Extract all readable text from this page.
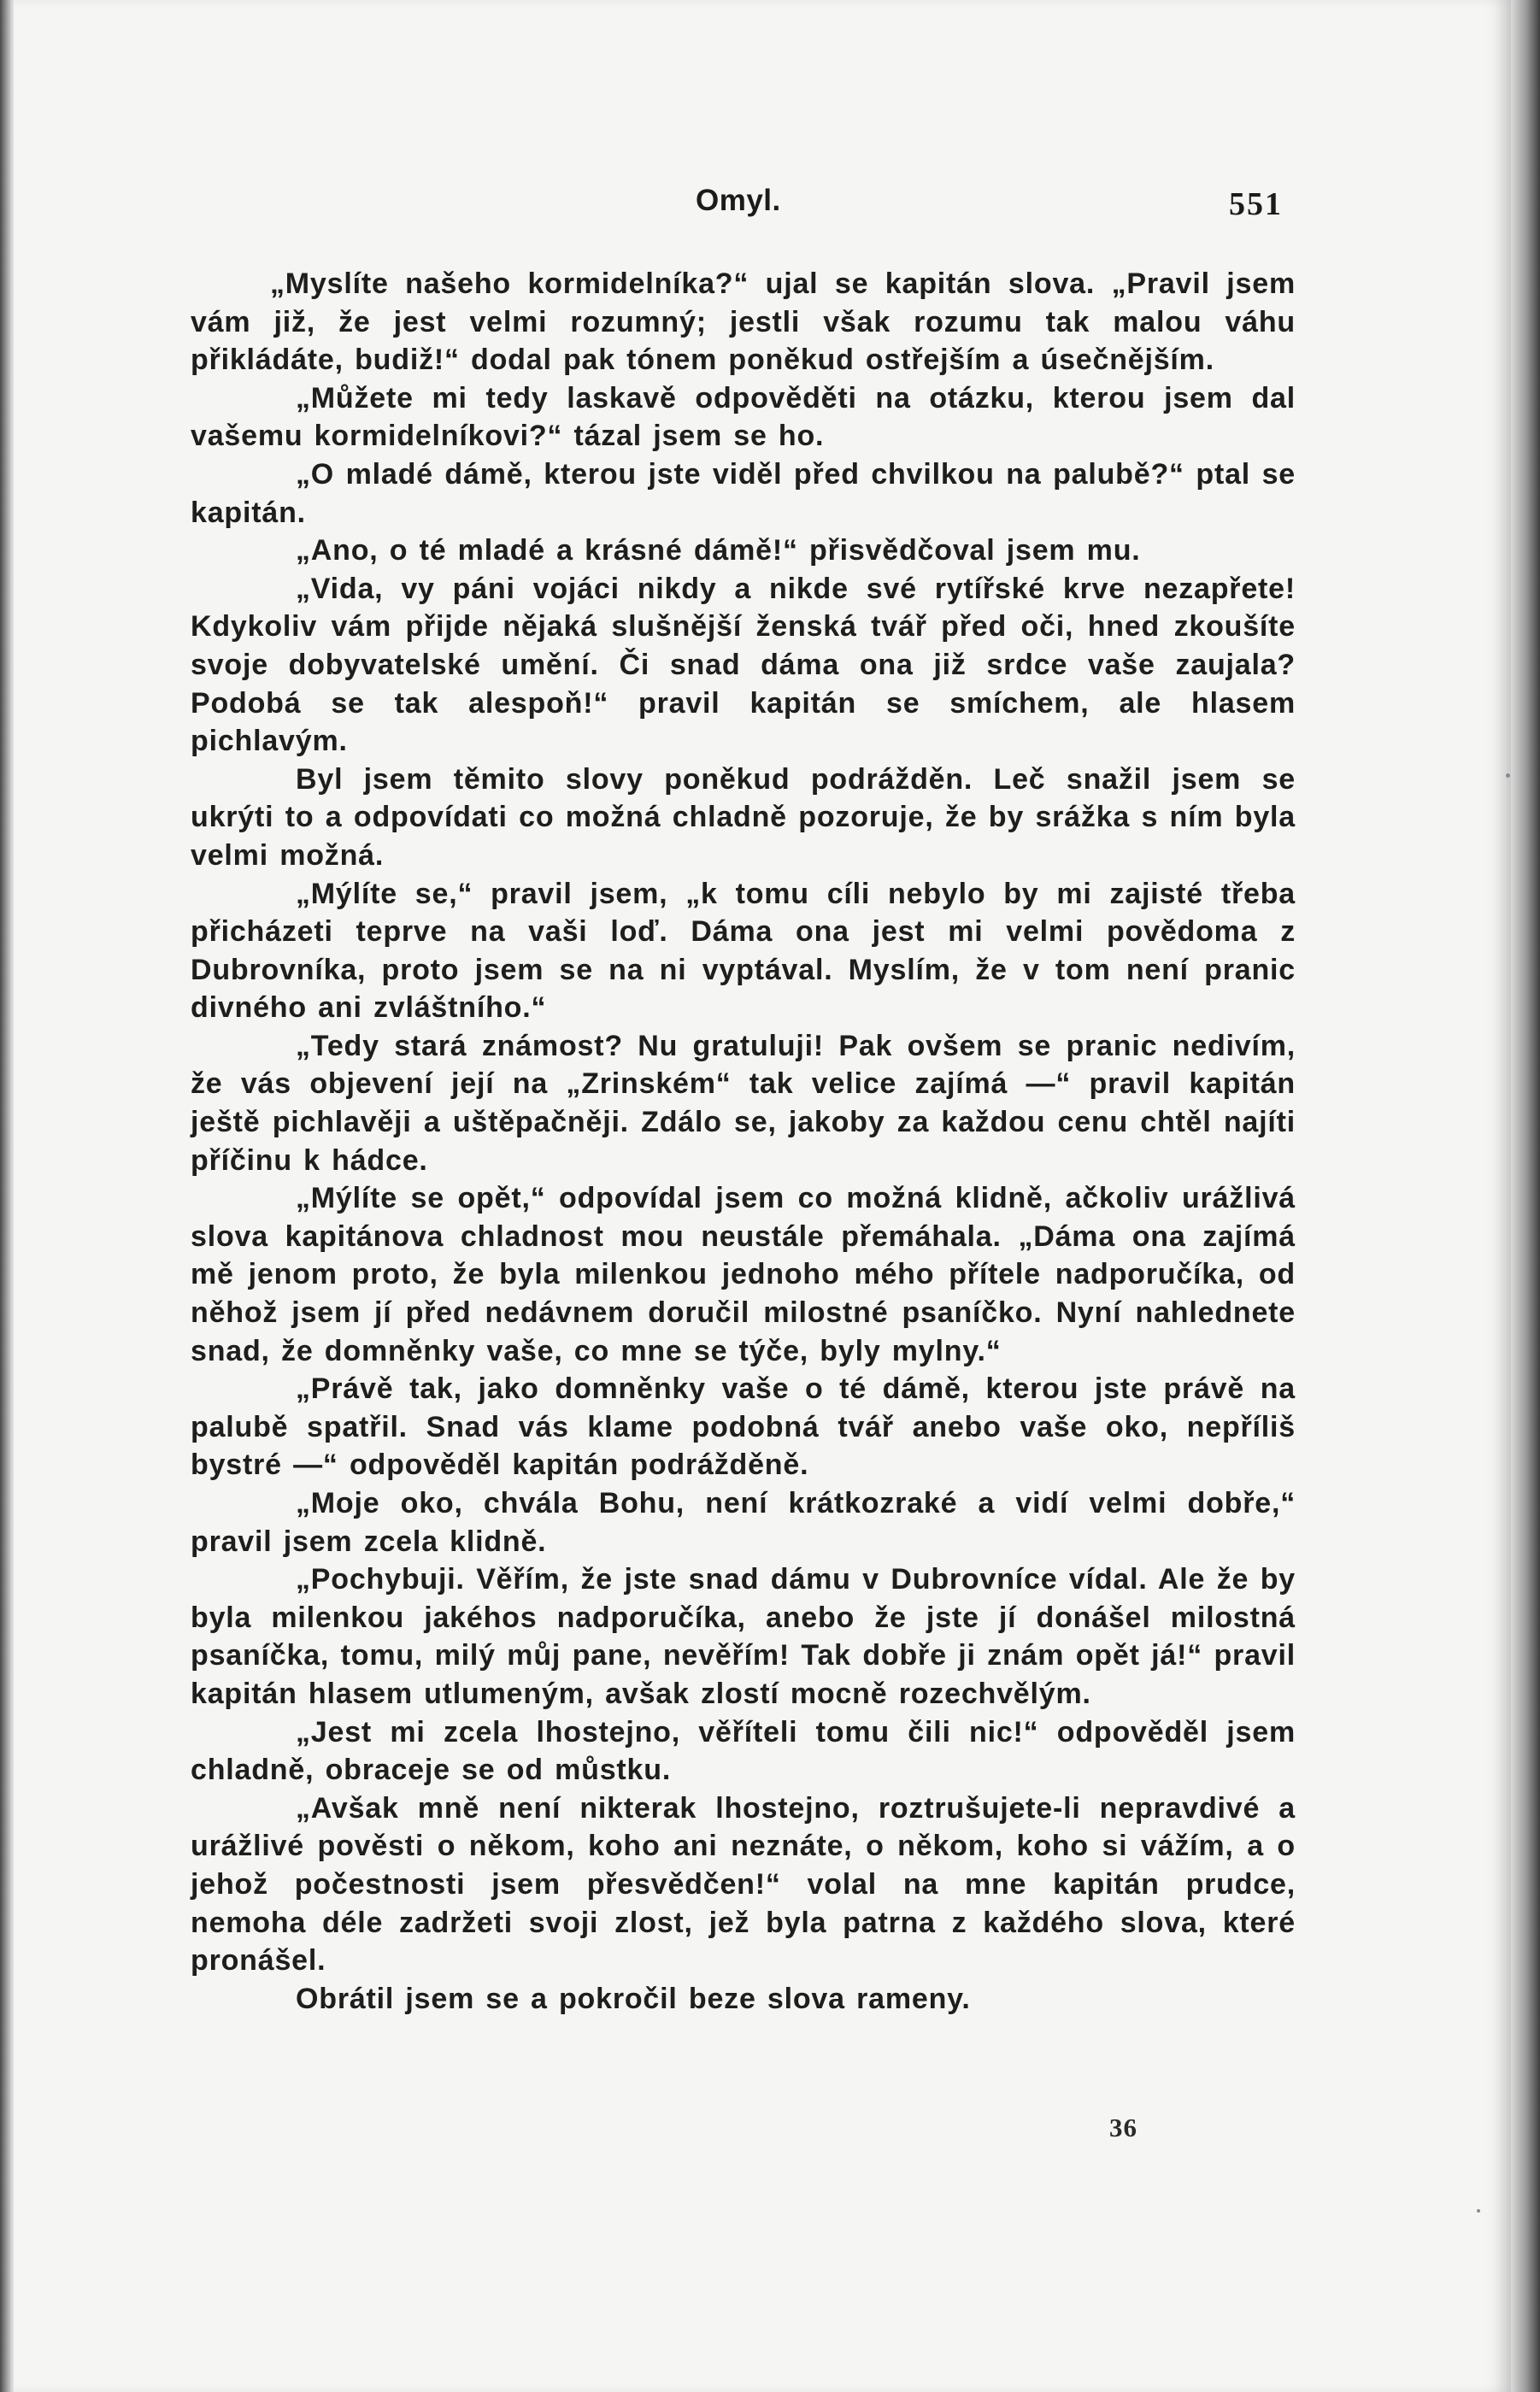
Omyl.	551

„Myslíte našeho kormidelníka?“ ujal se kapitán slova. „Pravil jsem vám již, že jest velmi rozumný; jestli však rozumu tak malou váhu přikládáte, budiž!“ dodal pak tónem poněkud ostřejším a úsečnějším.

„Můžete mi tedy laskavě odpověděti na otázku, kterou jsem dal vašemu kormidelníkovi?“ tázal jsem se ho.

„O mladé dámě, kterou jste viděl před chvilkou na palubě?“ ptal se kapitán.

„Ano, o té mladé a krásné dámě!“ přisvědčoval jsem mu.

„Vida, vy páni vojáci nikdy a nikde své rytířské krve nezapřete! Kdykoliv vám přijde nějaká slušnější ženská tvář před oči, hned zkoušíte svoje dobyvatelské umění. Či snad dáma ona již srdce vaše zaujala? Podobá se tak alespoň!“ pravil kapitán se smíchem, ale hlasem pichlavým.

Byl jsem těmito slovy poněkud podrážděn. Leč snažil jsem se ukrýti to a odpovídati co možná chladně pozoruje, že by srážka s ním byla velmi možná.

„Mýlíte se,“ pravil jsem, „k tomu cíli nebylo by mi zajisté třeba přicházeti teprve na vaši loď. Dáma ona jest mi velmi povědoma z Dubrovníka, proto jsem se na ni vyptával. Myslím, že v tom není pranic divného ani zvláštního.“

„Tedy stará známost? Nu gratuluji! Pak ovšem se pranic nedivím, že vás objevení její na „Zrinském“ tak velice zajímá —“ pravil kapitán ještě pichlavěji a uštěpačněji. Zdálo se, jakoby za každou cenu chtěl najíti příčinu k hádce.

„Mýlíte se opět,“ odpovídal jsem co možná klidně, ačkoliv urážlivá slova kapitánova chladnost mou neustále přemáhala. „Dáma ona zajímá mě jenom proto, že byla milenkou jednoho mého přítele nadporučíka, od něhož jsem jí před nedávnem doručil milostné psaníčko. Nyní nahlednete snad, že domněnky vaše, co mne se týče, byly mylny.“

„Právě tak, jako domněnky vaše o té dámě, kterou jste právě na palubě spatřil. Snad vás klame podobná tvář anebo vaše oko, nepříliš bystré —“ odpověděl kapitán podrážděně.

„Moje oko, chvála Bohu, není krátkozraké a vidí velmi dobře,“ pravil jsem zcela klidně.

„Pochybuji. Věřím, že jste snad dámu v Dubrovníce vídal. Ale že by byla milenkou jakéhos nadporučíka, anebo že jste jí donášel milostná psaníčka, tomu, milý můj pane, nevěřím! Tak dobře ji znám opět já!“ pravil kapitán hlasem utlumeným, avšak zlostí mocně rozechvělým.

„Jest mi zcela lhostejno, věříteli tomu čili nic!“ odpověděl jsem chladně, obraceje se od můstku.

„Avšak mně není nikterak lhostejno, roztrušujete-li nepravdivé a urážlivé pověsti o někom, koho ani neznáte, o někom, koho si vážím, a o jehož počestnosti jsem přesvědčen!“ volal na mne kapitán prudce, nemoha déle zadržeti svoji zlost, jež byla patrna z každého slova, které pronášel.

Obrátil jsem se a pokročil beze slova rameny.

36
